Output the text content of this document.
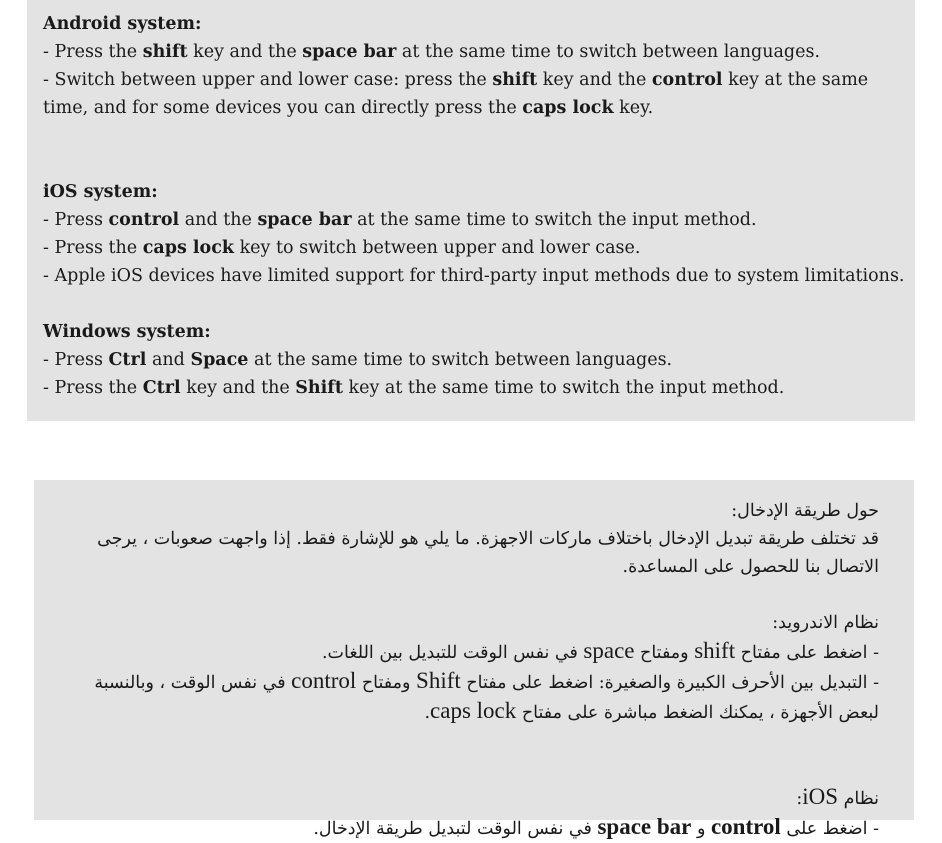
Android system:
- Press the shift key and the space bar at the same time to switch between languages.
- Switch between upper and lower case: press the shift key and the control key at the same time, and for some devices you can directly press the caps lock key.
iOS system:
- Press control and the space bar at the same time to switch the input method.
- Press the caps lock key to switch between upper and lower case.
- Apple iOS devices have limited support for third-party input methods due to system limitations.
Windows system:
- Press Ctrl and Space at the same time to switch between languages.
- Press the Ctrl key and the Shift key at the same time to switch the input method.
حول طريقة الإدخال:
قد تختلف طريقة تبديل الإدخال باختلاف ماركات الاجهزة. ما يلي هو للإشارة فقط. إذا واجهت صعوبات ، يرجى الاتصال بنا للحصول على المساعدة.
نظام الاندرويد:
- اضغط على مفتاح shift ومفتاح space في نفس الوقت للتبديل بين اللغات.
- التبديل بين الأحرف الكبيرة والصغيرة: اضغط على مفتاح Shift ومفتاح control في نفس الوقت ، وبالنسبة لبعض الأجهزة ، يمكنك الضغط مباشرة على مفتاح caps lock.
نظام iOS:
- اضغط على control و space bar في نفس الوقت لتبديل طريقة الإدخال.
